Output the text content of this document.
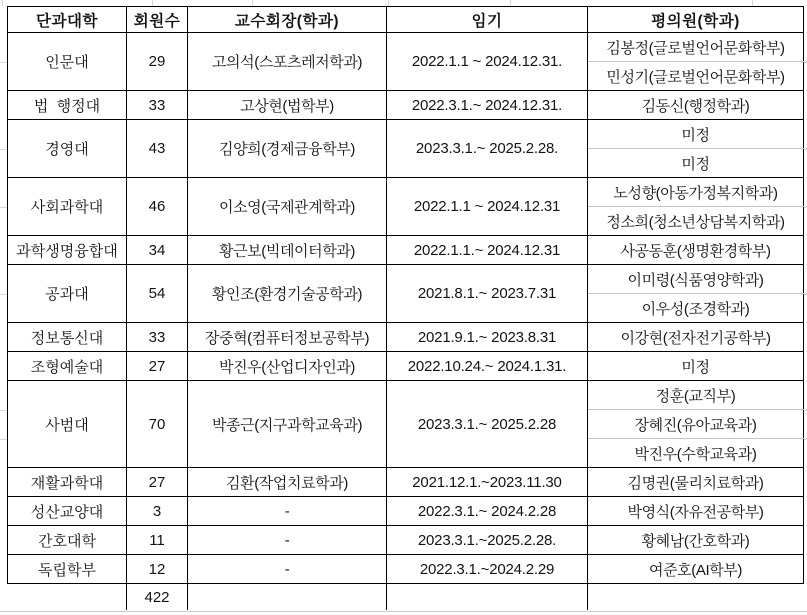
단과대학	회원수	교수회장(학과)	임기	평의원(학과)
인문대	29	고의석(스포츠레저학과)	2022.1.1 ~ 2024.12.31.	김봉정(글로벌언어문화학부)
				민성기(글로벌언어문화학부)
법  행정대	33	고상현(법학부)	2022.3.1.~ 2024.12.31.	김동신(행정학과)
경영대	43	김양희(경제금융학부)	2023.3.1.~ 2025.2.28.	미정
				미정
사회과학대	46	이소영(국제관계학과)	2022.1.1 ~ 2024.12.31	노성향(아동가정복지학과)
				정소희(청소년상담복지학과)
과학생명융합대	34	황근보(빅데이터학과)	2022.1.1.~ 2024.12.31	사공동훈(생명환경학부)
공과대	54	황인조(환경기술공학과)	2021.8.1.~ 2023.7.31	이미령(식품영양학과)
				이우성(조경학과)
정보통신대	33	장중혁(컴퓨터정보공학부)	2021.9.1.~ 2023.8.31	이강현(전자전기공학부)
조형예술대	27	박진우(산업디자인과)	2022.10.24.~ 2024.1.31.	미정
사범대	70	박종근(지구과학교육과)	2023.3.1.~ 2025.2.28	정훈(교직부)
				장혜진(유아교육과)
				박진우(수학교육과)
재활과학대	27	김환(작업치료학과)	2021.12.1.~2023.11.30	김명권(물리치료학과)
성산교양대	3	-	2022.3.1.~ 2024.2.28	박영식(자유전공학부)
간호대학	11	-	2023.3.1.~2025.2.28.	황혜남(간호학과)
독립학부	12	-	2022.3.1.~2024.2.29	여준호(AI학부)
	422			
